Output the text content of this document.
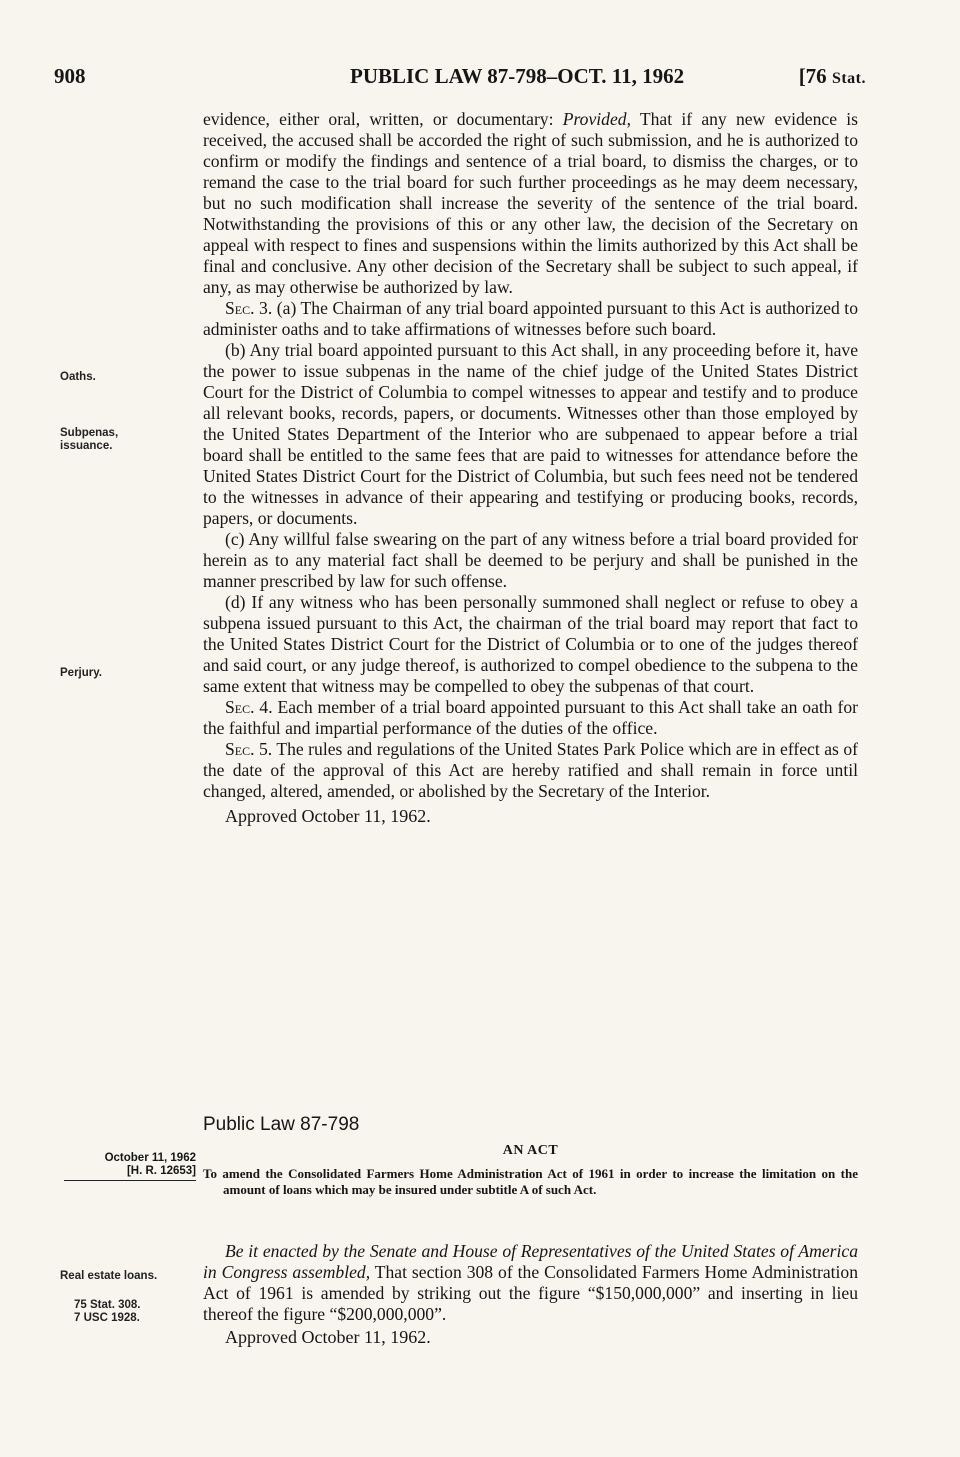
908	PUBLIC LAW 87-798–OCT. 11, 1962	[76 Stat.
Oaths.
Subpenas, issuance.
Perjury.
October 11, 1962
[H. R. 12653]
Real estate loans.
75 Stat. 308.
7 USC 1928.

evidence, either oral, written, or documentary: Provided, That if any new evidence is received, the accused shall be accorded the right of such submission, and he is authorized to confirm or modify the findings and sentence of a trial board, to dismiss the charges, or to remand the case to the trial board for such further proceedings as he may deem necessary, but no such modification shall increase the severity of the sentence of the trial board. Notwithstanding the provisions of this or any other law, the decision of the Secretary on appeal with respect to fines and suspensions within the limits authorized by this Act shall be final and conclusive. Any other decision of the Secretary shall be subject to such appeal, if any, as may otherwise be authorized by law.

Sec. 3. (a) The Chairman of any trial board appointed pursuant to this Act is authorized to administer oaths and to take affirmations of witnesses before such board.

(b) Any trial board appointed pursuant to this Act shall, in any proceeding before it, have the power to issue subpenas in the name of the chief judge of the United States District Court for the District of Columbia to compel witnesses to appear and testify and to produce all relevant books, records, papers, or documents. Witnesses other than those employed by the United States Department of the Interior who are subpenaed to appear before a trial board shall be entitled to the same fees that are paid to witnesses for attendance before the United States District Court for the District of Columbia, but such fees need not be tendered to the witnesses in advance of their appearing and testifying or producing books, records, papers, or documents.

(c) Any willful false swearing on the part of any witness before a trial board provided for herein as to any material fact shall be deemed to be perjury and shall be punished in the manner prescribed by law for such offense.

(d) If any witness who has been personally summoned shall neglect or refuse to obey a subpena issued pursuant to this Act, the chairman of the trial board may report that fact to the United States District Court for the District of Columbia or to one of the judges thereof and said court, or any judge thereof, is authorized to compel obedience to the subpena to the same extent that witness may be compelled to obey the subpenas of that court.

Sec. 4. Each member of a trial board appointed pursuant to this Act shall take an oath for the faithful and impartial performance of the duties of the office.

Sec. 5. The rules and regulations of the United States Park Police which are in effect as of the date of the approval of this Act are hereby ratified and shall remain in force until changed, altered, amended, or abolished by the Secretary of the Interior.

Approved October 11, 1962.

Public Law 87-798
AN ACT
To amend the Consolidated Farmers Home Administration Act of 1961 in order to increase the limitation on the amount of loans which may be insured under subtitle A of such Act.

Be it enacted by the Senate and House of Representatives of the United States of America in Congress assembled, That section 308 of the Consolidated Farmers Home Administration Act of 1961 is amended by striking out the figure “$150,000,000” and inserting in lieu thereof the figure “$200,000,000”.

Approved October 11, 1962.
